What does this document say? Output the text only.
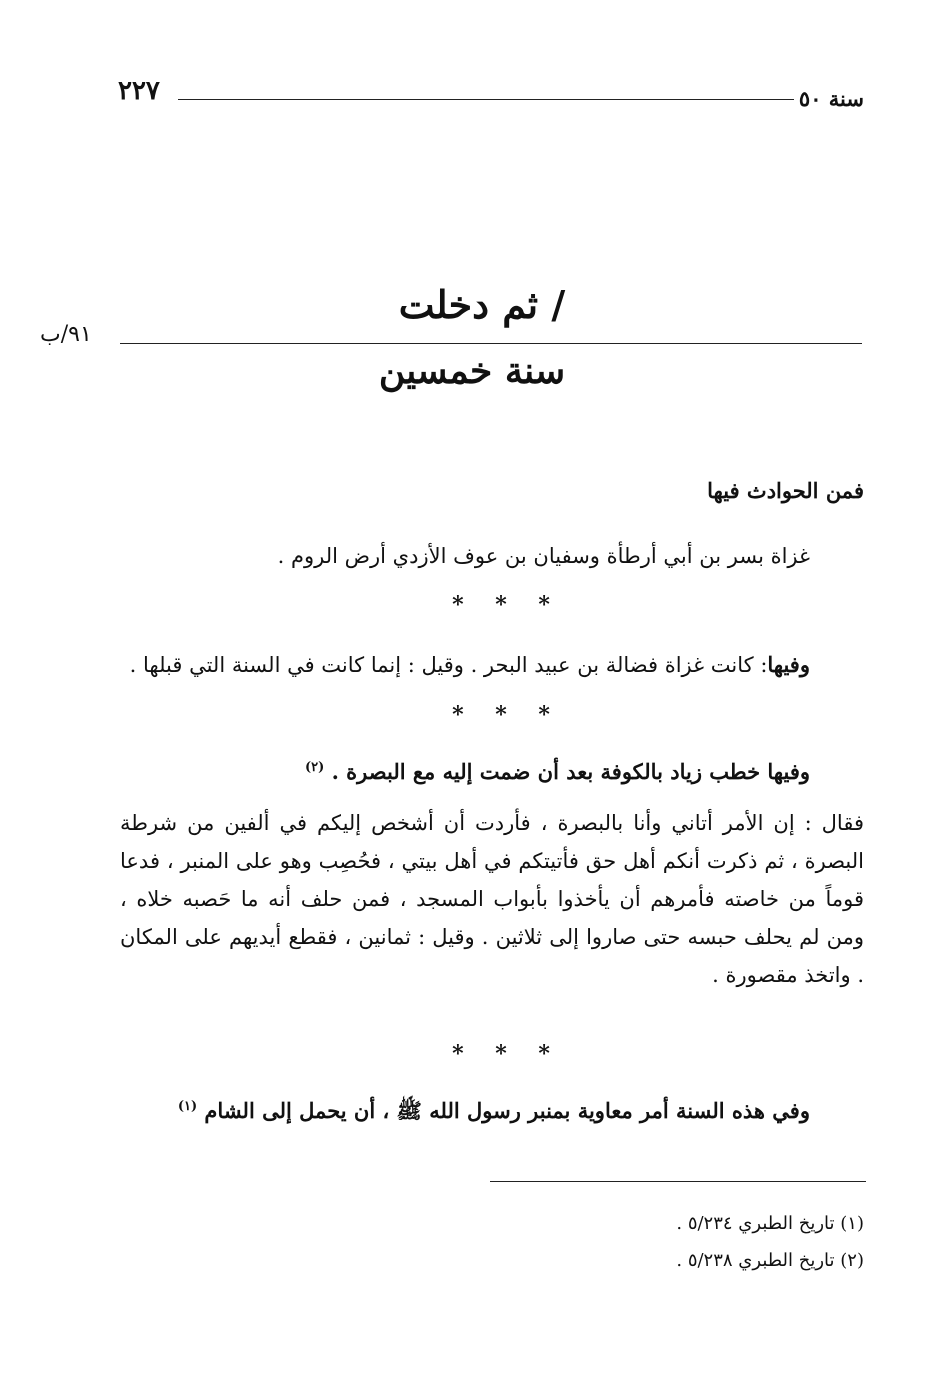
٢٢٧	سنة ٥٠
/ ثم دخلت
٩١/ب
سنة خمسين
فمن الحوادث فيها
غزاة بسر بن أبي أرطأة وسفيان بن عوف الأزدي أرض الروم .
* * *
وفيها: كانت غزاة فضالة بن عبيد البحر . وقيل : إنما كانت في السنة التي قبلها .
* * *
وفيها خطب زياد بالكوفة بعد أن ضمت إليه مع البصرة . $^{(٢)}$
فقال : إن الأمر أتاني وأنا بالبصرة ، فأردت أن أشخص إليكم في ألفين من شرطة البصرة ، ثم ذكرت أنكم أهل حق فأتيتكم في أهل بيتي ، فحُصِب وهو على المنبر ، فدعا قوماً من خاصته فأمرهم أن يأخذوا بأبواب المسجد ، فمن حلف أنه ما حَصبه خلاه ، ومن لم يحلف حبسه حتى صاروا إلى ثلاثين . وقيل : ثمانين ، فقطع أيديهم على المكان . واتخذ مقصورة .
* * *
وفي هذه السنة أمر معاوية بمنبر رسول الله ﷺ ، أن يحمل إلى الشام $^{(١)}$
(١) تاريخ الطبري ٥/٢٣٤ .
(٢) تاريخ الطبري ٥/٢٣٨ .
